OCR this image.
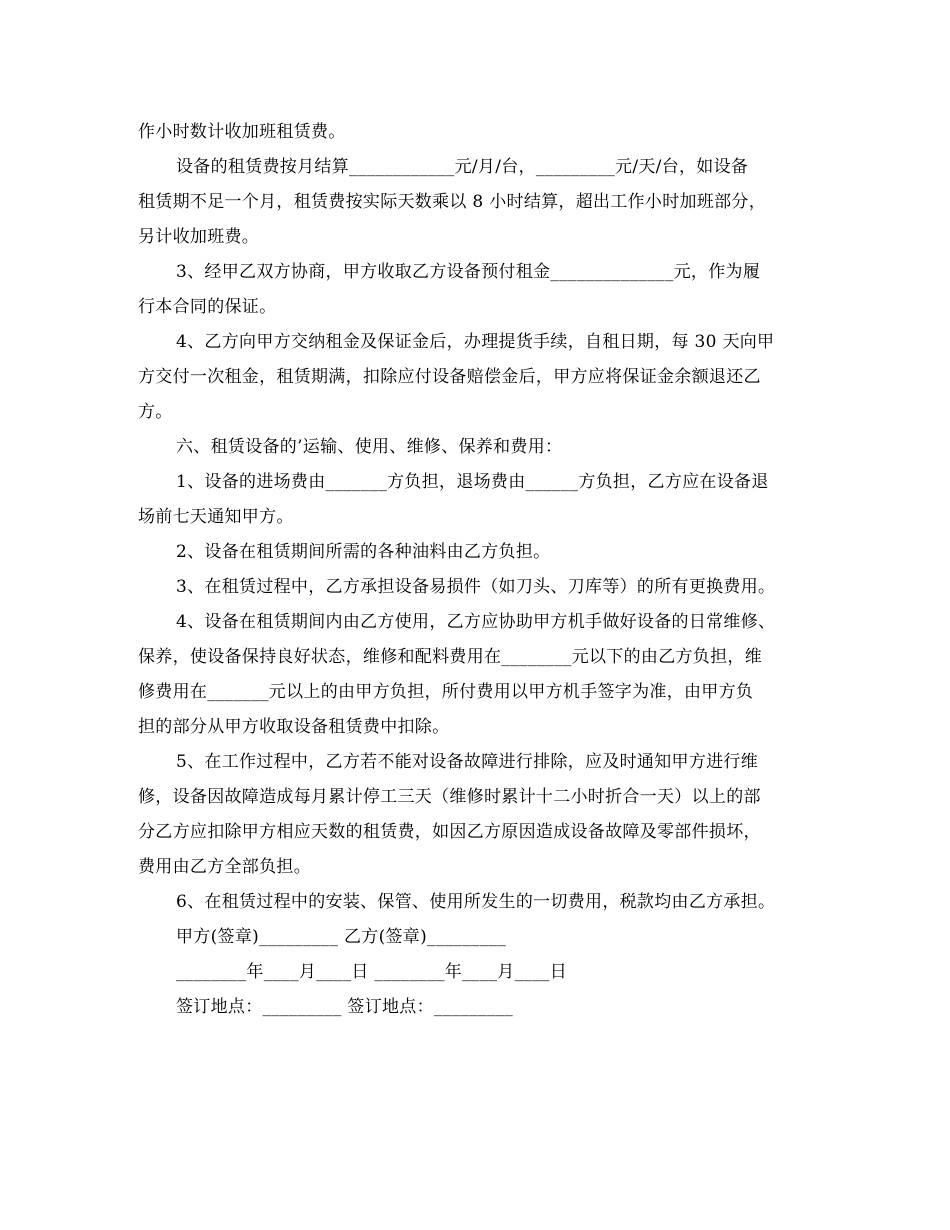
作小时数计收加班租赁费。
设备的租赁费按月结算____________元/月/台，_________元/天/台，如设备
租赁期不足一个月，租赁费按实际天数乘以 8 小时结算，超出工作小时加班部分，
另计收加班费。
3、经甲乙双方协商，甲方收取乙方设备预付租金______________元，作为履
行本合同的保证。
4、乙方向甲方交纳租金及保证金后，办理提货手续，自租日期，每 30 天向甲
方交付一次租金，租赁期满，扣除应付设备赔偿金后，甲方应将保证金余额退还乙
方。
六、租赁设备的’运输、使用、维修、保养和费用：
1、设备的进场费由_______方负担，退场费由______方负担，乙方应在设备退
场前七天通知甲方。
2、设备在租赁期间所需的各种油料由乙方负担。
3、在租赁过程中，乙方承担设备易损件（如刀头、刀库等）的所有更换费用。
4、设备在租赁期间内由乙方使用，乙方应协助甲方机手做好设备的日常维修、
保养，使设备保持良好状态，维修和配料费用在________元以下的由乙方负担，维
修费用在_______元以上的由甲方负担，所付费用以甲方机手签字为准，由甲方负
担的部分从甲方收取设备租赁费中扣除。
5、在工作过程中，乙方若不能对设备故障进行排除，应及时通知甲方进行维
修，设备因故障造成每月累计停工三天（维修时累计十二小时折合一天）以上的部
分乙方应扣除甲方相应天数的租赁费，如因乙方原因造成设备故障及零部件损坏，
费用由乙方全部负担。
6、在租赁过程中的安装、保管、使用所发生的一切费用，税款均由乙方承担。
甲方(签章)_________ 乙方(签章)_________
________年____月____日 ________年____月____日
签订地点：_________ 签订地点：_________
